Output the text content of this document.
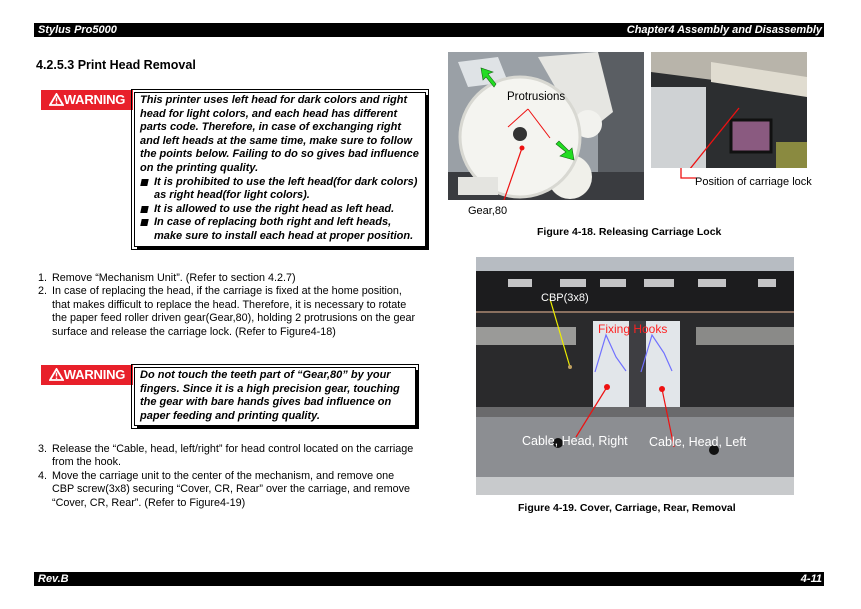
Stylus Pro5000	Chapter4 Assembly and Disassembly
4.2.5.3 Print Head Removal
WARNING	This printer uses left head for dark colors and right head for light colors, and each head has different parts code. Therefore, in case of exchanging right and left heads at the same time, make sure to follow the points below. Failing to do so gives bad influence on the printing quality.
It is prohibited to use the left head(for dark colors) as right head(for light colors).
It is allowed to use the right head as left head.
In case of replacing both right and left heads, make sure to install each head at proper position.
1. Remove “Mechanism Unit”. (Refer to section 4.2.7)
2. In case of replacing the head, if the carriage is fixed at the home position, that makes difficult to replace the head. Therefore, it is necessary to rotate the paper feed roller driven gear(Gear,80), holding 2 protrusions on the gear surface and release the carriage lock. (Refer to Figure4-18)
WARNING	Do not touch the teeth part of “Gear,80” by your fingers. Since it is a high precision gear, touching the gear with bare hands gives bad influence on paper feeding and printing quality.
3. Release the “Cable, head, left/right” for head control located on the carriage from the hook.
4. Move the carriage unit to the center of the mechanism, and remove one CBP screw(3x8) securing “Cover, CR, Rear” over the carriage, and remove “Cover, CR, Rear”. (Refer to Figure4-19)
Protrusions
Gear,80
Position of carriage lock
Figure 4-18. Releasing Carriage Lock
CBP(3x8)
Fixing Hooks
Cable, Head, Right Cable, Head, Left
Figure 4-19. Cover, Carriage, Rear, Removal
Rev.B	4-11
